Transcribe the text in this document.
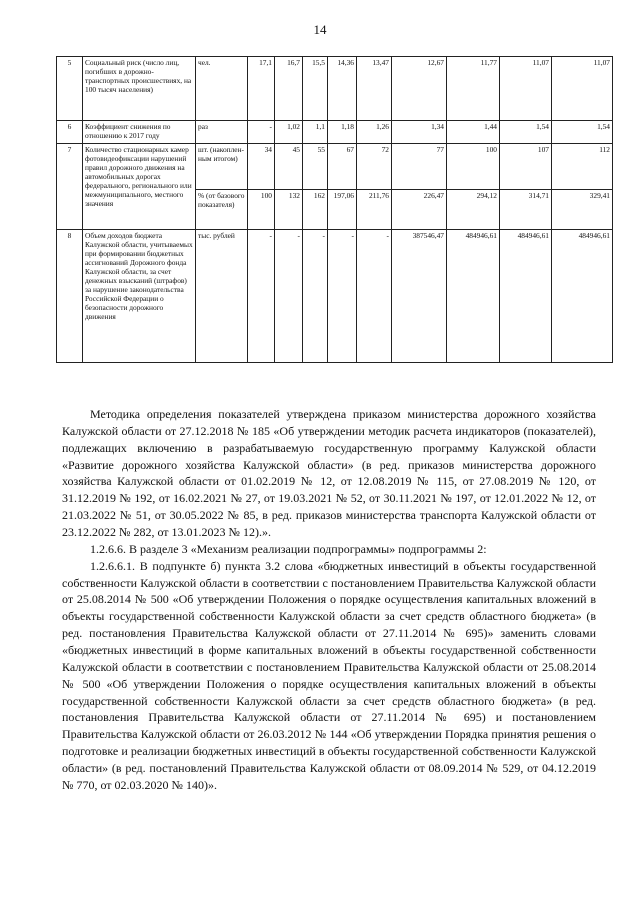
14
5	Социальный риск (число лиц, погибших в дорожно-транспортных происшествиях, на 100 тысяч населения)	чел.	17,1	16,7	15,5	14,36	13,47	12,67	11,77	11,07	11,07
6	Коэффициент снижения по отношению к 2017 году	раз	-	1,02	1,1	1,18	1,26	1,34	1,44	1,54	1,54
7	Количество стационарных камер фотовидеофиксации нарушений правил дорожного движения на автомобильных дорогах федерального, регионального или межмуниципального, местного значения	шт. (накоплен-ным итогом)	34	45	55	67	72	77	100	107	112
		% (от базового показателя)	100	132	162	197,06	211,76	226,47	294,12	314,71	329,41
8	Объем доходов бюджета Калужской области, учитываемых при формировании бюджетных ассигнований Дорожного фонда Калужской области, за счет денежных взысканий (штрафов) за нарушение законодательства Российской Федерации о безопасности дорожного движения	тыс. рублей	-	-	-	-	-	387546,47	484946,61	484946,61	484946,61

Методика определения показателей утверждена приказом министерства дорожного хозяйства Калужской области от 27.12.2018 № 185 «Об утверждении методик расчета индикаторов (показателей), подлежащих включению в разрабатываемую государственную программу Калужской области «Развитие дорожного хозяйства Калужской области» (в ред. приказов министерства дорожного хозяйства Калужской области от 01.02.2019 № 12, от 12.08.2019 № 115, от 27.08.2019 № 120, от 31.12.2019 № 192, от 16.02.2021 № 27, от 19.03.2021 № 52, от 30.11.2021 № 197, от 12.01.2022 № 12, от 21.03.2022 № 51, от 30.05.2022 № 85, в ред. приказов министерства транспорта Калужской области от 23.12.2022 № 282, от 13.01.2023 № 12).».

1.2.6.6. В разделе 3 «Механизм реализации подпрограммы» подпрограммы 2:

1.2.6.6.1. В подпункте б) пункта 3.2 слова «бюджетных инвестиций в объекты государственной собственности Калужской области в соответствии с постановлением Правительства Калужской области от 25.08.2014 № 500 «Об утверждении Положения о порядке осуществления капитальных вложений в объекты государственной собственности Калужской области за счет средств областного бюджета» (в ред. постановления Правительства Калужской области от 27.11.2014 № 695)» заменить словами «бюджетных инвестиций в форме капитальных вложений в объекты государственной собственности Калужской области в соответствии с постановлением Правительства Калужской области от 25.08.2014 № 500 «Об утверждении Положения о порядке осуществления капитальных вложений в объекты государственной собственности Калужской области за счет средств областного бюджета» (в ред. постановления Правительства Калужской области от 27.11.2014 № 695) и постановлением Правительства Калужской области от 26.03.2012 № 144 «Об утверждении Порядка принятия решения о подготовке и реализации бюджетных инвестиций в объекты государственной собственности Калужской области» (в ред. постановлений Правительства Калужской области от 08.09.2014 № 529, от 04.12.2019 № 770, от 02.03.2020 № 140)».
